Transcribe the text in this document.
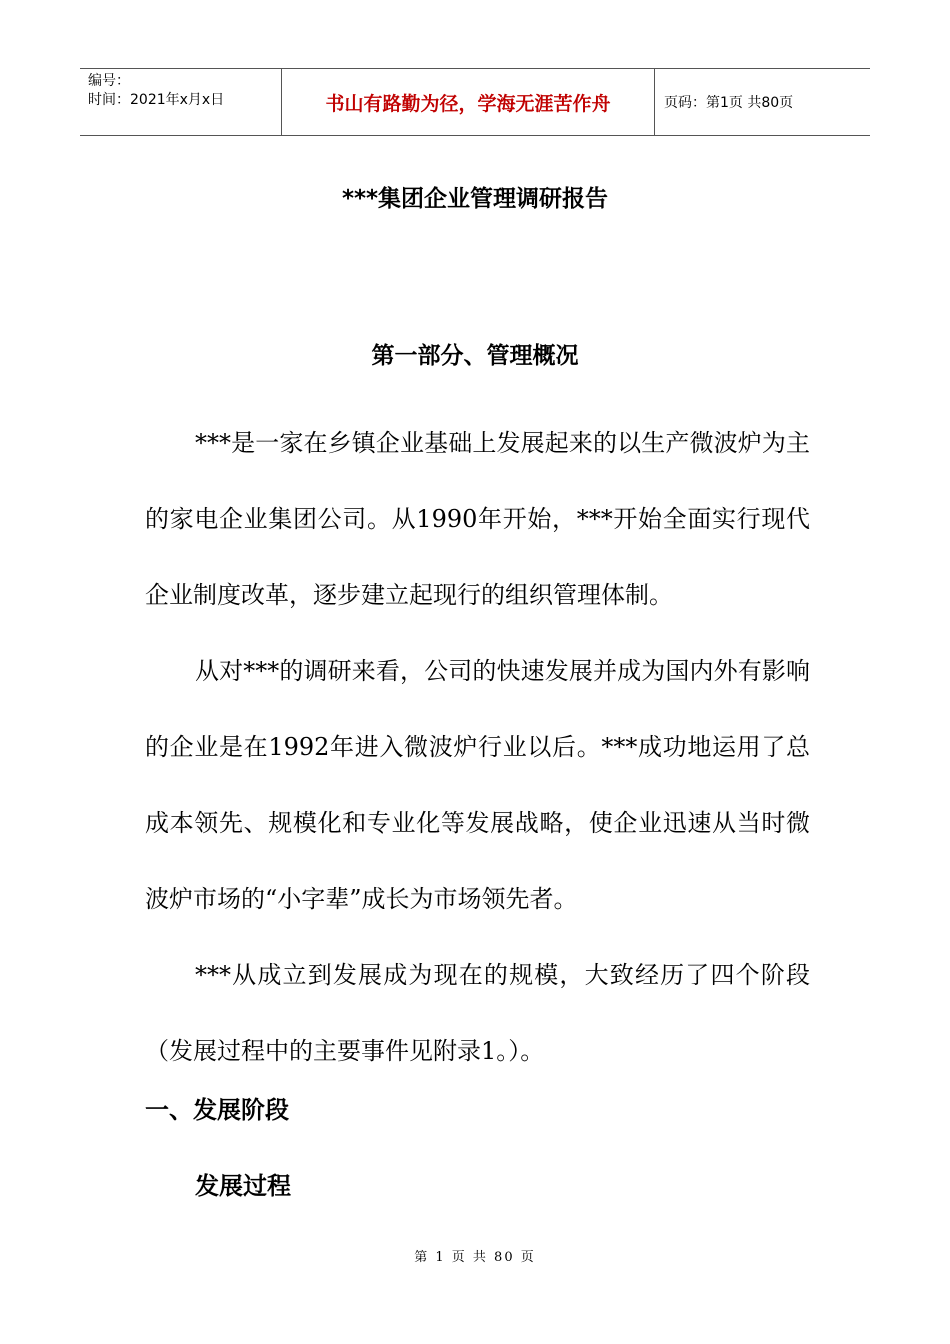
编号：
时间：2021年x月x日	书山有路勤为径，学海无涯苦作舟	页码：第1页 共80页
***集团企业管理调研报告
第一部分、管理概况

***是一家在乡镇企业基础上发展起来的以生产微波炉为主的家电企业集团公司。从1990年开始，***开始全面实行现代企业制度改革，逐步建立起现行的组织管理体制。

从对***的调研来看，公司的快速发展并成为国内外有影响的企业是在1992年进入微波炉行业以后。***成功地运用了总成本领先、规模化和专业化等发展战略，使企业迅速从当时微波炉市场的“小字辈”成长为市场领先者。

***从成立到发展成为现在的规模，大致经历了四个阶段（发展过程中的主要事件见附录1。）。

一、发展阶段
发展过程
第 1 页 共 80 页
